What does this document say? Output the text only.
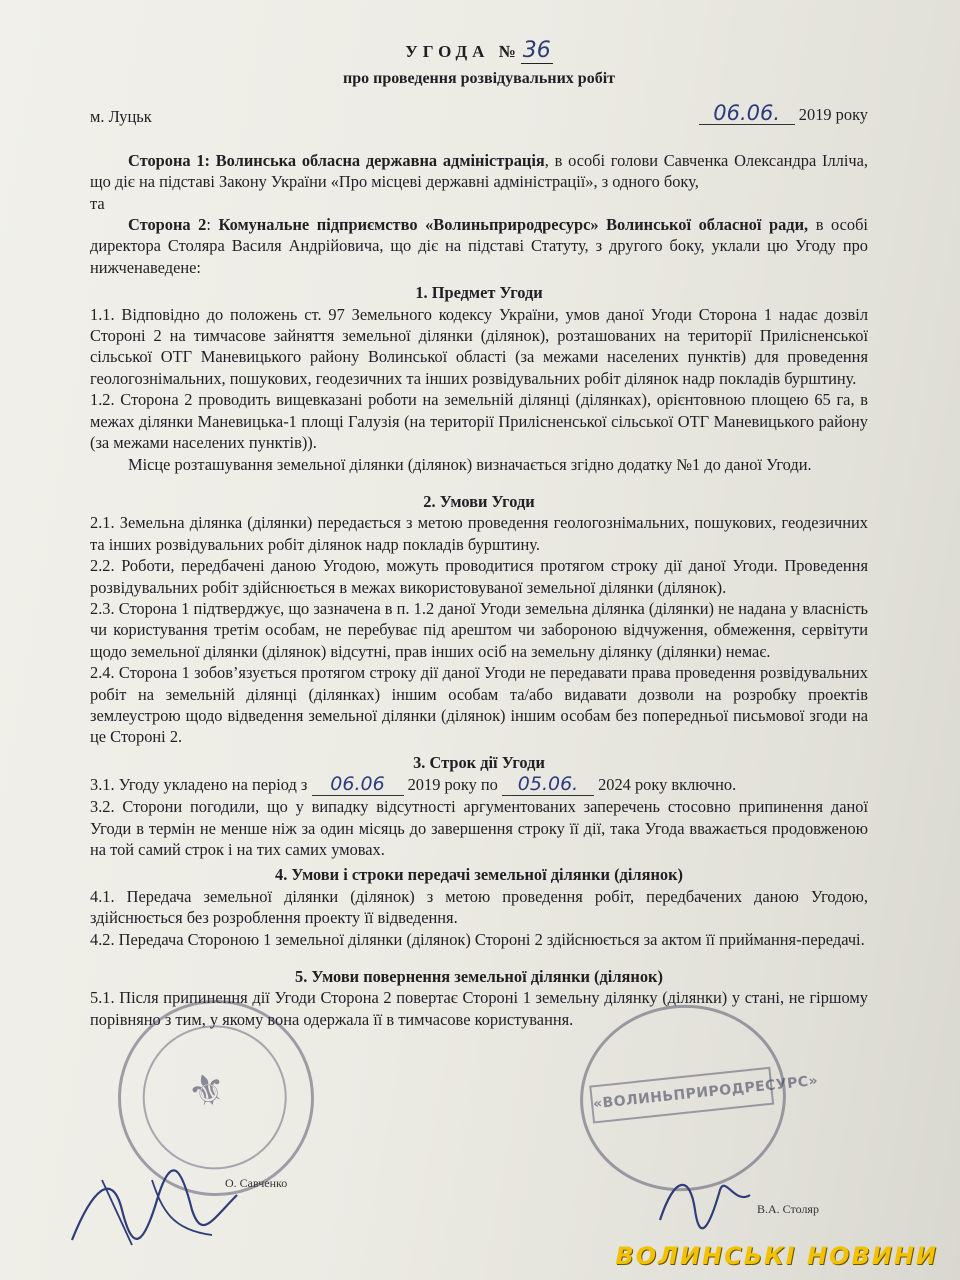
УГОДА №36
про проведення розвідувальних робіт
м. Луцьк	06.06. 2019 року

Сторона 1: Волинська обласна державна адміністрація, в особі голови Савченка Олександра Ілліча, що діє на підставі Закону України «Про місцеві державні адміністрації», з одного боку,

та

Сторона 2: Комунальне підприємство «Волиньприродресурс» Волинської обласної ради, в особі директора Столяра Василя Андрійовича, що діє на підставі Статуту, з другого боку, уклали цю Угоду про нижченаведене:

1. Предмет Угоди

1.1. Відповідно до положень ст. 97 Земельного кодексу України, умов даної Угоди Сторона 1 надає дозвіл Стороні 2 на тимчасове зайняття земельної ділянки (ділянок), розташованих на території Прилісненської сільської ОТГ Маневицького району Волинської області (за межами населених пунктів) для проведення геологознімальних, пошукових, геодезичних та інших розвідувальних робіт ділянок надр покладів бурштину.

1.2. Сторона 2 проводить вищевказані роботи на земельній ділянці (ділянках), орієнтовною площею 65 га, в межах ділянки Маневицька-1 площі Галузія (на території Прилісненської сільської ОТГ Маневицького району (за межами населених пунктів)).

Місце розташування земельної ділянки (ділянок) визначається згідно додатку №1 до даної Угоди.

2. Умови Угоди

2.1. Земельна ділянка (ділянки) передається з метою проведення геологознімальних, пошукових, геодезичних та інших розвідувальних робіт ділянок надр покладів бурштину.

2.2. Роботи, передбачені даною Угодою, можуть проводитися протягом строку дії даної Угоди. Проведення розвідувальних робіт здійснюється в межах використовуваної земельної ділянки (ділянок).

2.3. Сторона 1 підтверджує, що зазначена в п. 1.2 даної Угоди земельна ділянка (ділянки) не надана у власність чи користування третім особам, не перебуває під арештом чи забороною відчуження, обмеження, сервітути щодо земельної ділянки (ділянок) відсутні, прав інших осіб на земельну ділянку (ділянки) немає.

2.4. Сторона 1 зобов’язується протягом строку дії даної Угоди не передавати права проведення розвідувальних робіт на земельній ділянці (ділянках) іншим особам та/або видавати дозволи на розробку проектів землеустрою щодо відведення земельної ділянки (ділянок) іншим особам без попередньої письмової згоди на це Стороні 2.

3. Строк дії Угоди

3.1. Угоду укладено на період з 06.06 2019 року по 05.06. 2024 року включно.

3.2. Сторони погодили, що у випадку відсутності аргументованих заперечень стосовно припинення даної Угоди в термін не менше ніж за один місяць до завершення строку її дії, така Угода вважається продовженою на той самий строк і на тих самих умовах.

4. Умови і строки передачі земельної ділянки (ділянок)

4.1. Передача земельної ділянки (ділянок) з метою проведення робіт, передбачених даною Угодою, здійснюється без розроблення проекту її відведення.

4.2. Передача Стороною 1 земельної ділянки (ділянок) Стороні 2 здійснюється за актом її приймання-передачі.

5. Умови повернення земельної ділянки (ділянок)

5.1. Після припинення дії Угоди Сторона 2 повертає Стороні 1 земельну ділянку (ділянки) у стані, не гіршому порівняно з тим, у якому вона одержала її в тимчасове користування.

⚜
О. Савченко
«ВОЛИНЬПРИРОДРЕСУРС»
В.А. Столяр
ВОЛИНСЬКІ НОВИНИ
